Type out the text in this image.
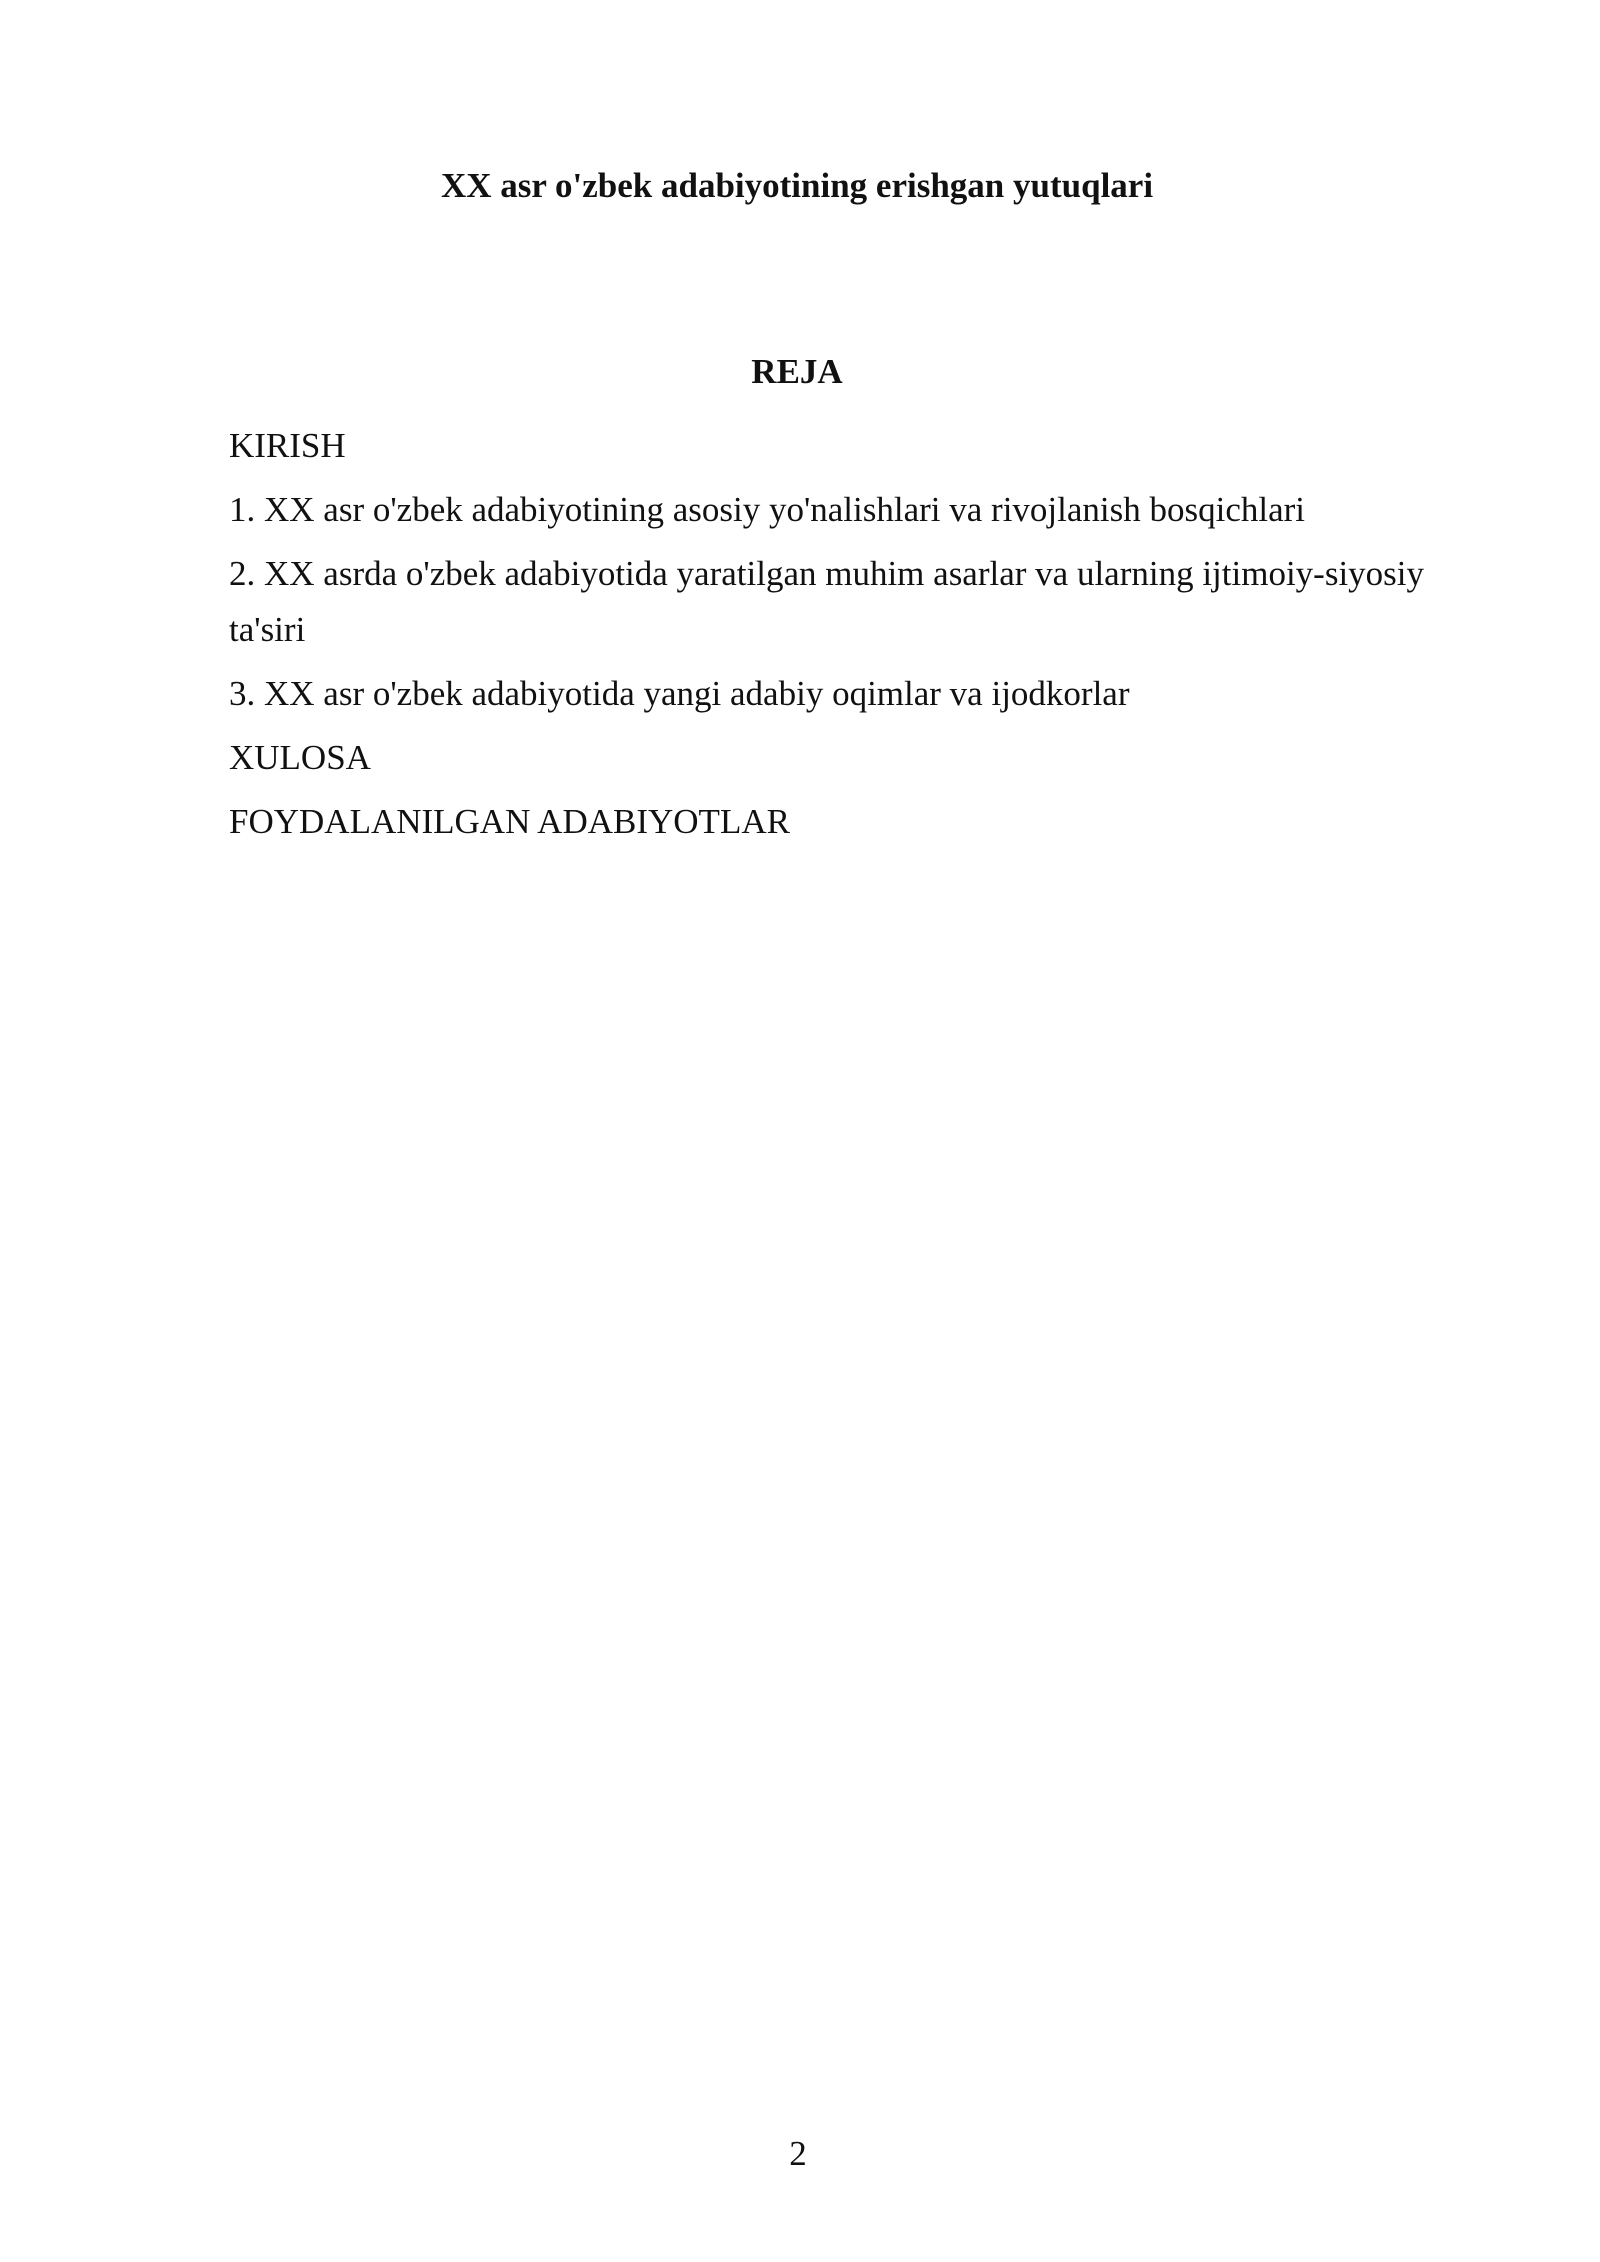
XX asr o'zbek adabiyotining erishgan yutuqlari
REJA
KIRISH
1. XX asr o'zbek adabiyotining asosiy yo'nalishlari va rivojlanish bosqichlari
2. XX asrda o'zbek adabiyotida yaratilgan muhim asarlar va ularning ijtimoiy-siyosiy ta'siri
3. XX asr o'zbek adabiyotida yangi adabiy oqimlar va ijodkorlar
XULOSA
FOYDALANILGAN ADABIYOTLAR
2
